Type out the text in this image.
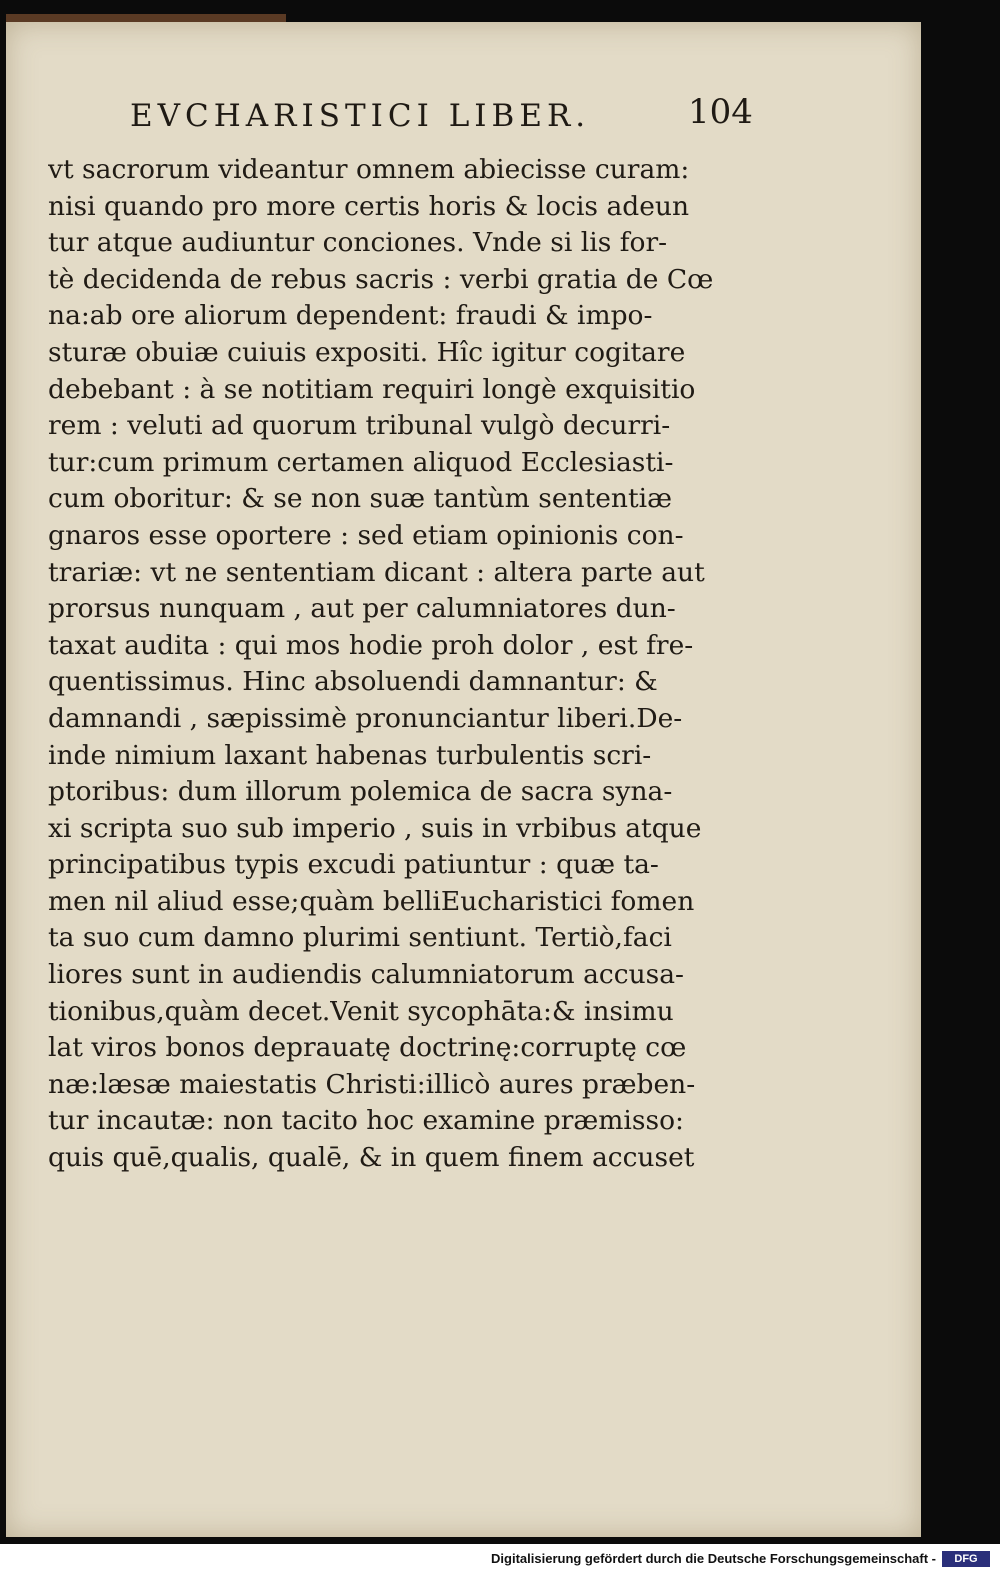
EVCHARISTICI LIBER.	104
vt sacrorum videantur omnem abiecisse curam:
nisi quando pro more certis horis & locis adeun
tur atque audiuntur conciones. Vnde si lis for-
tè decidenda de rebus sacris : verbi gratia de Cœ
na:ab ore aliorum dependent: fraudi & impo-
sturæ obuiæ cuiuis expositi. Hîc igitur cogitare
debebant : à se notitiam requiri longè exquisitio
rem : veluti ad quorum tribunal vulgò decurri-
tur:cum primum certamen aliquod Ecclesiasti-
cum oboritur: & se non suæ tantùm sententiæ
gnaros esse oportere : sed etiam opinionis con-
trariæ: vt ne sententiam dicant : altera parte aut
prorsus nunquam , aut per calumniatores dun-
taxat audita : qui mos hodie proh dolor , est fre-
quentissimus. Hinc absoluendi damnantur: &
damnandi , sæpissimè pronunciantur liberi.De-
inde nimium laxant habenas turbulentis scri-
ptoribus: dum illorum polemica de sacra syna-
xi scripta suo sub imperio , suis in vrbibus atque
principatibus typis excudi patiuntur : quæ ta-
men nil aliud esse;quàm belliEucharistici fomen
ta suo cum damno plurimi sentiunt. Tertiò,faci
liores sunt in audiendis calumniatorum accusa-
tionibus,quàm decet.Venit sycophāta:& insimu
lat viros bonos deprauatę doctrinę:corruptę cœ
næ:læsæ maiestatis Christi:illicò aures præben-
tur incautæ: non tacito hoc examine præmisso:
quis quē,qualis, qualē, & in quem finem accuset
Digitalisierung gefördert durch die Deutsche Forschungsgemeinschaft -	DFG
